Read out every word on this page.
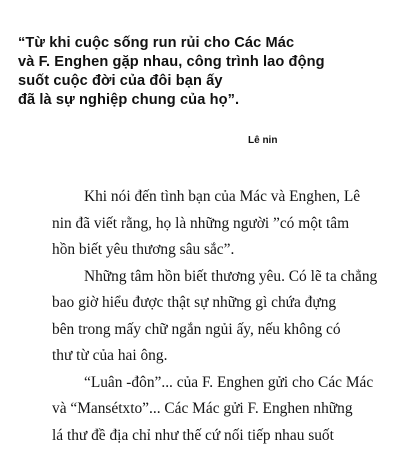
“Từ khi cuộc sống run rủi cho Các Mác
và F. Enghen gặp nhau, công trình lao động
suốt cuộc đời của đôi bạn ấy
đã là sự nghiệp chung của họ”.
Lê nin
Khi nói đến tình bạn của Mác và Enghen, Lê
nin đã viết rằng, họ là những người ”có một tâm
hồn biết yêu thương sâu sắc”.
Những tâm hồn biết thương yêu. Có lẽ ta chẳng
bao giờ hiểu được thật sự những gì chứa đựng
bên trong mấy chữ ngắn ngủi ấy, nếu không có
thư từ của hai ông.
“Luân -đôn”... của F. Enghen gửi cho Các Mác
và “Mansétxto”... Các Mác gửi F. Enghen những
lá thư đề địa chỉ như thế cứ nối tiếp nhau suốt
